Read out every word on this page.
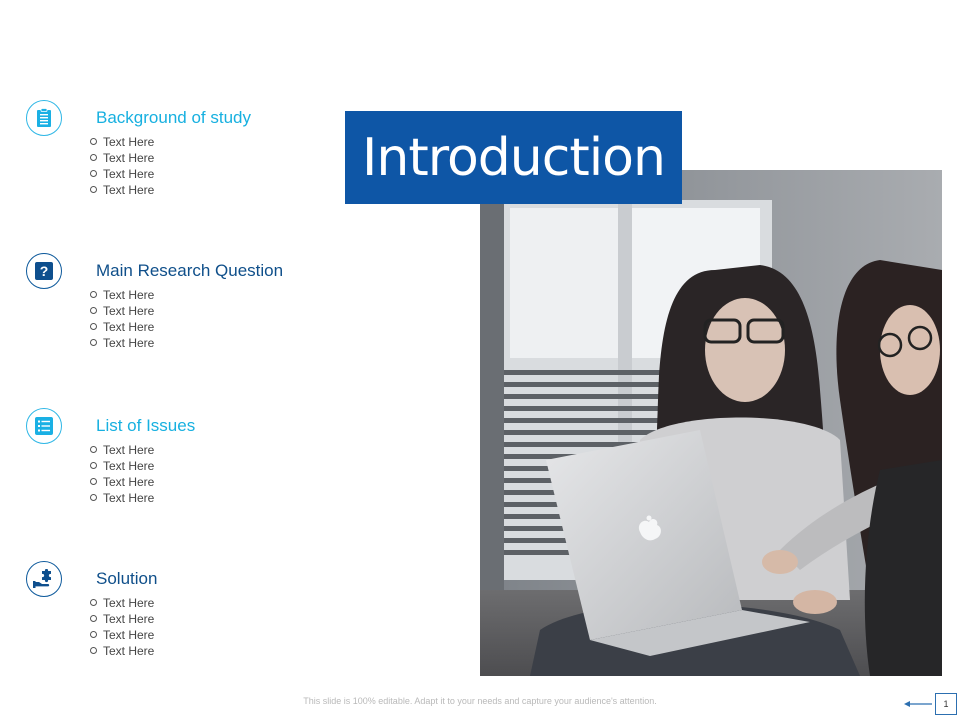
Background of study
Text Here
Text Here
Text Here
Text Here
?	Main Research Question
Text Here
Text Here
Text Here
Text Here
List of Issues
Text Here
Text Here
Text Here
Text Here
Solution
Text Here
Text Here
Text Here
Text Here
Introduction
This slide is 100% editable. Adapt it to your needs and capture your audience's attention.	1
